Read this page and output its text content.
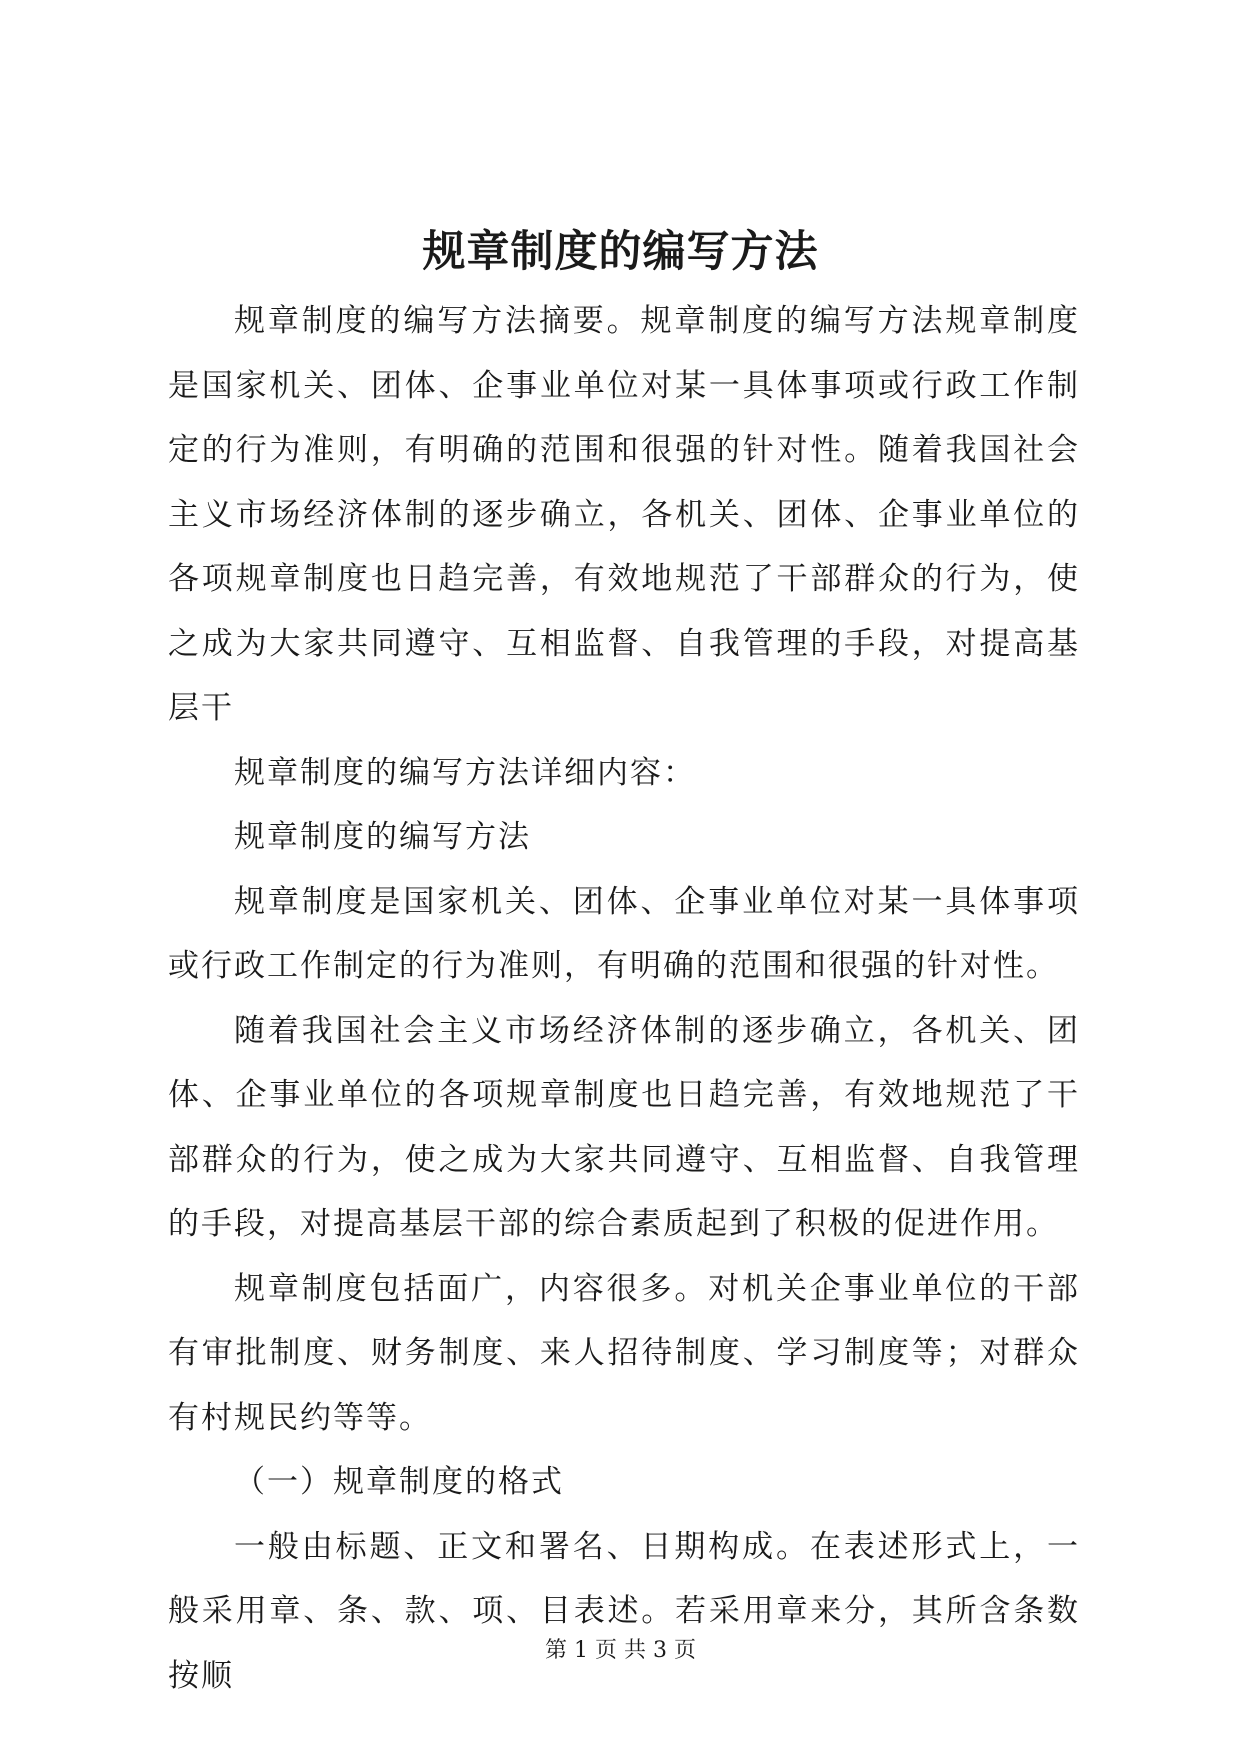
规章制度的编写方法

规章制度的编写方法摘要。规章制度的编写方法规章制度是国家机关、团体、企事业单位对某一具体事项或行政工作制定的行为准则，有明确的范围和很强的针对性。随着我国社会主义市场经济体制的逐步确立，各机关、团体、企事业单位的各项规章制度也日趋完善，有效地规范了干部群众的行为，使之成为大家共同遵守、互相监督、自我管理的手段，对提高基层干

规章制度的编写方法详细内容：

规章制度的编写方法

规章制度是国家机关、团体、企事业单位对某一具体事项或行政工作制定的行为准则，有明确的范围和很强的针对性。

随着我国社会主义市场经济体制的逐步确立，各机关、团体、企事业单位的各项规章制度也日趋完善，有效地规范了干部群众的行为，使之成为大家共同遵守、互相监督、自我管理的手段，对提高基层干部的综合素质起到了积极的促进作用。

规章制度包括面广，内容很多。对机关企事业单位的干部有审批制度、财务制度、来人招待制度、学习制度等；对群众有村规民约等等。

（一）规章制度的格式

一般由标题、正文和署名、日期构成。在表述形式上，一般采用章、条、款、项、目表述。若采用章来分，其所含条数按顺

第 1 页 共 3 页
